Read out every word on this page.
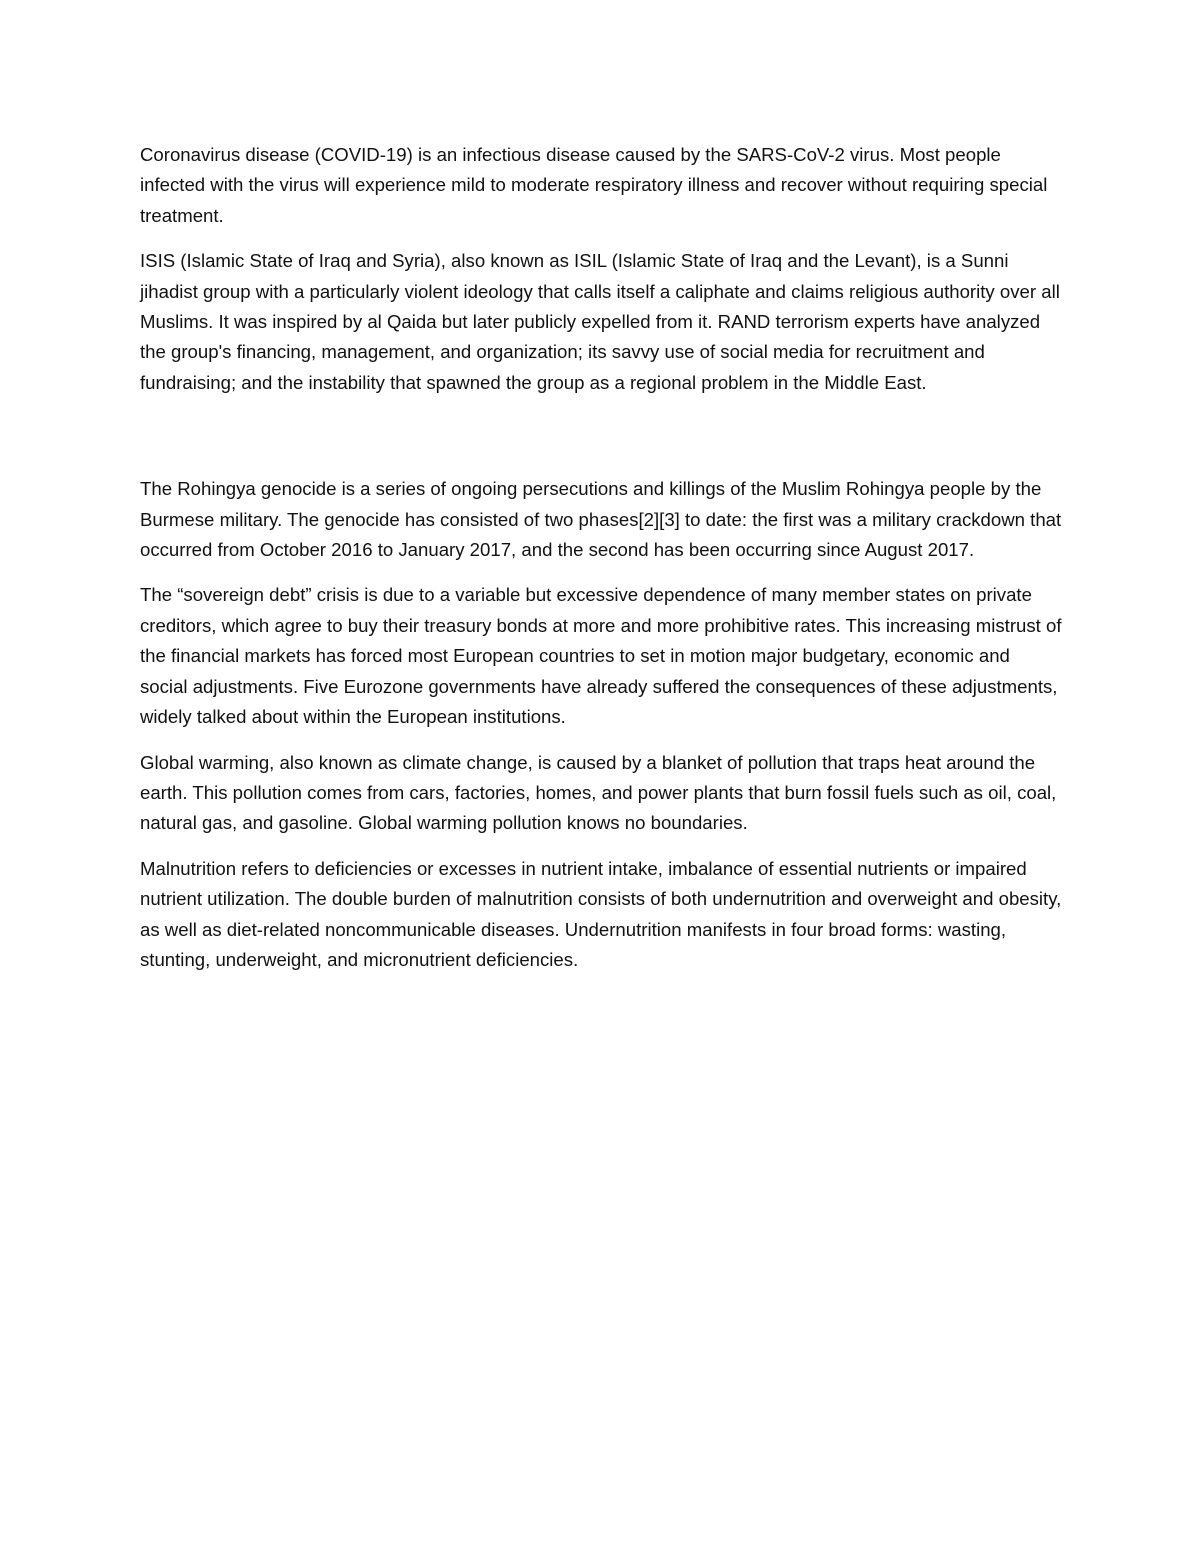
Coronavirus disease (COVID-19) is an infectious disease caused by the SARS-CoV-2 virus. Most people infected with the virus will experience mild to moderate respiratory illness and recover without requiring special treatment.

ISIS (Islamic State of Iraq and Syria), also known as ISIL (Islamic State of Iraq and the Levant), is a Sunni jihadist group with a particularly violent ideology that calls itself a caliphate and claims religious authority over all Muslims. It was inspired by al Qaida but later publicly expelled from it. RAND terrorism experts have analyzed the group's financing, management, and organization; its savvy use of social media for recruitment and fundraising; and the instability that spawned the group as a regional problem in the Middle East.

The Rohingya genocide is a series of ongoing persecutions and killings of the Muslim Rohingya people by the Burmese military. The genocide has consisted of two phases[2][3] to date: the first was a military crackdown that occurred from October 2016 to January 2017, and the second has been occurring since August 2017.

The “sovereign debt” crisis is due to a variable but excessive dependence of many member states on private creditors, which agree to buy their treasury bonds at more and more prohibitive rates. This increasing mistrust of the financial markets has forced most European countries to set in motion major budgetary, economic and social adjustments. Five Eurozone governments have already suffered the consequences of these adjustments, widely talked about within the European institutions.

Global warming, also known as climate change, is caused by a blanket of pollution that traps heat around the earth. This pollution comes from cars, factories, homes, and power plants that burn fossil fuels such as oil, coal, natural gas, and gasoline. Global warming pollution knows no boundaries.

Malnutrition refers to deficiencies or excesses in nutrient intake, imbalance of essential nutrients or impaired nutrient utilization. The double burden of malnutrition consists of both undernutrition and overweight and obesity, as well as diet-related noncommunicable diseases. Undernutrition manifests in four broad forms: wasting, stunting, underweight, and micronutrient deficiencies.
